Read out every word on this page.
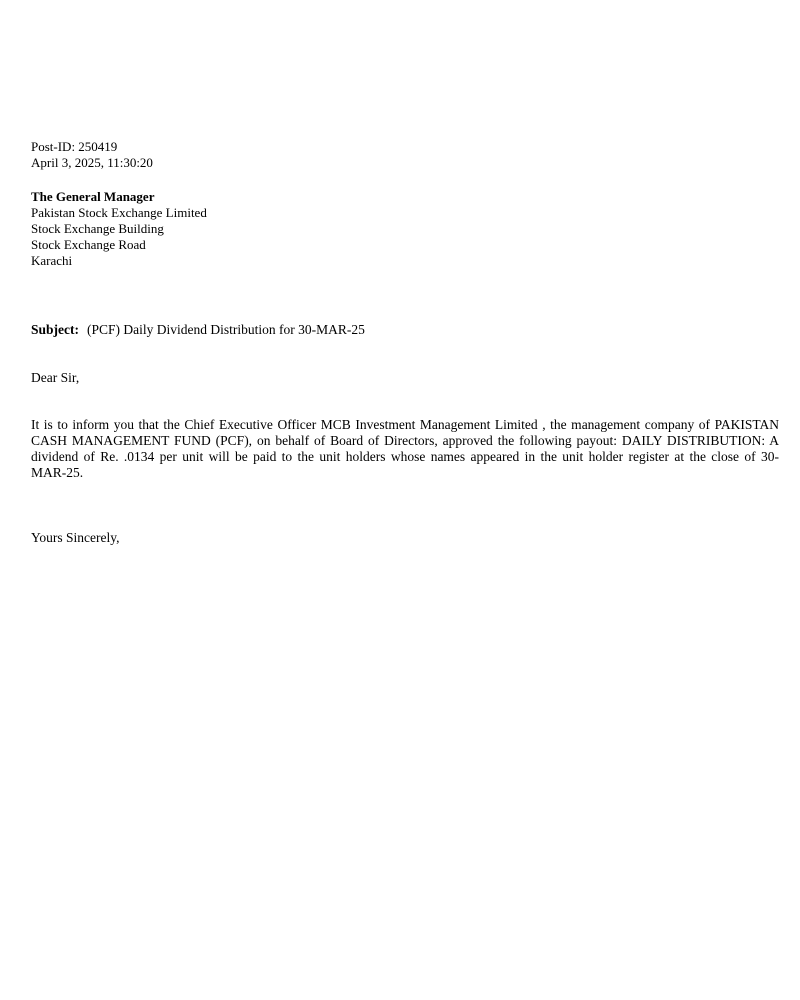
Post-ID: 250419
April 3, 2025, 11:30:20
The General Manager
Pakistan Stock Exchange Limited
Stock Exchange Building
Stock Exchange Road
Karachi
Subject: (PCF) Daily Dividend Distribution for 30-MAR-25
Dear Sir,
It is to inform you that the Chief Executive Officer MCB Investment Management Limited , the management company of PAKISTAN CASH MANAGEMENT FUND (PCF), on behalf of Board of Directors, approved the following payout: DAILY DISTRIBUTION: A dividend of Re. .0134 per unit will be paid to the unit holders whose names appeared in the unit holder register at the close of 30-MAR-25.
Yours Sincerely,
